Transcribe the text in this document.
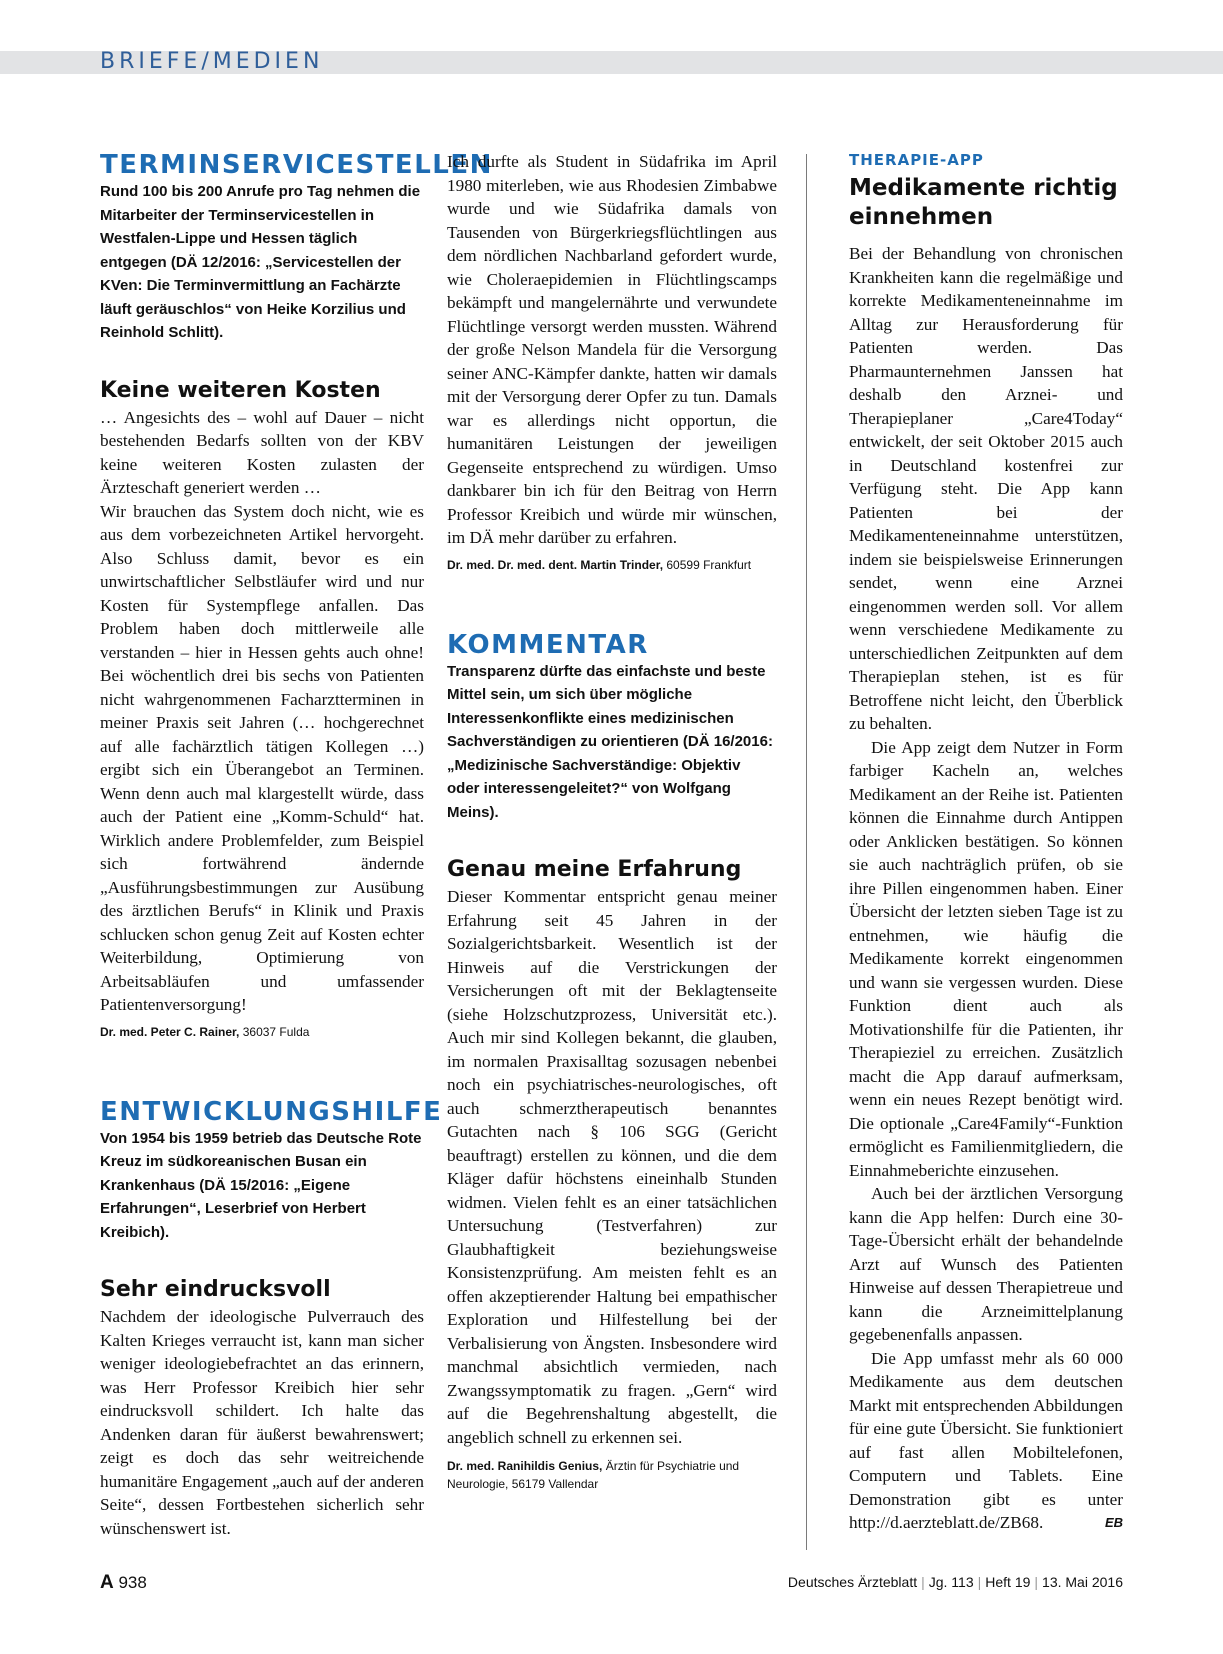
BRIEFE/MEDIEN
TERMINSERVICESTELLEN

Rund 100 bis 200 Anrufe pro Tag nehmen die Mitarbeiter der Terminservicestellen in Westfalen-Lippe und Hessen täglich entgegen (DÄ 12/2016: „Servicestellen der KVen: Die Terminvermittlung an Fachärzte läuft geräuschlos“ von Heike Korzilius und Reinhold Schlitt).

Keine weiteren Kosten

… Angesichts des – wohl auf Dauer – nicht bestehenden Bedarfs sollten von der KBV keine weiteren Kosten zulasten der Ärzteschaft generiert werden …

Wir brauchen das System doch nicht, wie es aus dem vorbezeichneten Artikel hervorgeht. Also Schluss damit, bevor es ein unwirtschaftlicher Selbstläufer wird und nur Kosten für Systempflege anfallen. Das Problem haben doch mittlerweile alle verstanden – hier in Hessen gehts auch ohne! Bei wöchentlich drei bis sechs von Patienten nicht wahrgenommenen Facharztterminen in meiner Praxis seit Jahren (… hochgerechnet auf alle fachärztlich tätigen Kollegen …) ergibt sich ein Überangebot an Terminen. Wenn denn auch mal klargestellt würde, dass auch der Patient eine „Komm-Schuld“ hat. Wirklich andere Problemfelder, zum Beispiel sich fortwährend ändernde „Ausführungsbestimmungen zur Ausübung des ärztlichen Berufs“ in Klinik und Praxis schlucken schon genug Zeit auf Kosten echter Weiterbildung, Optimierung von Arbeitsabläufen und umfassender Patientenversorgung!

Dr. med. Peter C. Rainer, 36037 Fulda

ENTWICKLUNGSHILFE

Von 1954 bis 1959 betrieb das Deutsche Rote Kreuz im südkoreanischen Busan ein Krankenhaus (DÄ 15/2016: „Eigene Erfahrungen“, Leserbrief von Herbert Kreibich).

Sehr eindrucksvoll

Nachdem der ideologische Pulverrauch des Kalten Krieges verraucht ist, kann man sicher weniger ideologiebefrachtet an das erinnern, was Herr Professor Kreibich hier sehr eindrucksvoll schildert. Ich halte das Andenken daran für äußerst bewahrenswert; zeigt es doch das sehr weitreichende humanitäre Engagement „auch auf der anderen Seite“, dessen Fortbestehen sicherlich sehr wünschenswert ist.

Ich durfte als Student in Südafrika im April 1980 miterleben, wie aus Rhodesien Zimbabwe wurde und wie Südafrika damals von Tausenden von Bürgerkriegsflüchtlingen aus dem nördlichen Nachbarland gefordert wurde, wie Choleraepidemien in Flüchtlingscamps bekämpft und mangelernährte und verwundete Flüchtlinge versorgt werden mussten. Während der große Nelson Mandela für die Versorgung seiner ANC-Kämpfer dankte, hatten wir damals mit der Versorgung derer Opfer zu tun. Damals war es allerdings nicht opportun, die humanitären Leistungen der jeweiligen Gegenseite entsprechend zu würdigen. Umso dankbarer bin ich für den Beitrag von Herrn Professor Kreibich und würde mir wünschen, im DÄ mehr darüber zu erfahren.

Dr. med. Dr. med. dent. Martin Trinder, 60599 Frankfurt

KOMMENTAR

Transparenz dürfte das einfachste und beste Mittel sein, um sich über mögliche Interessenkonflikte eines medizinischen Sachverständigen zu orientieren (DÄ 16/2016: „Medizinische Sachverständige: Objektiv oder interessengeleitet?“ von Wolfgang Meins).

Genau meine Erfahrung

Dieser Kommentar entspricht genau meiner Erfahrung seit 45 Jahren in der Sozialgerichtsbarkeit. Wesentlich ist der Hinweis auf die Verstrickungen der Versicherungen oft mit der Beklagtenseite (siehe Holzschutzprozess, Universität etc.). Auch mir sind Kollegen bekannt, die glauben, im normalen Praxisalltag sozusagen nebenbei noch ein psychiatrisches-neurologisches, oft auch schmerztherapeutisch benanntes Gutachten nach § 106 SGG (Gericht beauftragt) erstellen zu können, und die dem Kläger dafür höchstens eineinhalb Stunden widmen. Vielen fehlt es an einer tatsächlichen Untersuchung (Testverfahren) zur Glaubhaftigkeit beziehungsweise Konsistenzprüfung. Am meisten fehlt es an offen akzeptierender Haltung bei empathischer Exploration und Hilfestellung bei der Verbalisierung von Ängsten. Insbesondere wird manchmal absichtlich vermieden, nach Zwangssymptomatik zu fragen. „Gern“ wird auf die Begehrenshaltung abgestellt, die angeblich schnell zu erkennen sei.

Dr. med. Ranihildis Genius, Ärztin für Psychiatrie und Neurologie, 56179 Vallendar

THERAPIE-APP

Medikamente richtig einnehmen

Bei der Behandlung von chronischen Krankheiten kann die regelmäßige und korrekte Medikamenteneinnahme im Alltag zur Herausforderung für Patienten werden. Das Pharmaunternehmen Janssen hat deshalb den Arznei- und Therapieplaner „Care4Today“ entwickelt, der seit Oktober 2015 auch in Deutschland kostenfrei zur Verfügung steht. Die App kann Patienten bei der Medikamenteneinnahme unterstützen, indem sie beispielsweise Erinnerungen sendet, wenn eine Arznei eingenommen werden soll. Vor allem wenn verschiedene Medikamente zu unterschiedlichen Zeitpunkten auf dem Therapieplan stehen, ist es für Betroffene nicht leicht, den Überblick zu behalten.

Die App zeigt dem Nutzer in Form farbiger Kacheln an, welches Medikament an der Reihe ist. Patienten können die Einnahme durch Antippen oder Anklicken bestätigen. So können sie auch nachträglich prüfen, ob sie ihre Pillen eingenommen haben. Einer Übersicht der letzten sieben Tage ist zu entnehmen, wie häufig die Medikamente korrekt eingenommen und wann sie vergessen wurden. Diese Funktion dient auch als Motivationshilfe für die Patienten, ihr Therapieziel zu erreichen. Zusätzlich macht die App darauf aufmerksam, wenn ein neues Rezept benötigt wird. Die optionale „Care4Family“-Funktion ermöglicht es Familienmitgliedern, die Einnahmeberichte einzusehen.

Auch bei der ärztlichen Versorgung kann die App helfen: Durch eine 30-Tage-Übersicht erhält der behandelnde Arzt auf Wunsch des Patienten Hinweise auf dessen Therapietreue und kann die Arzneimittelplanung gegebenenfalls anpassen.

Die App umfasst mehr als 60 000 Medikamente aus dem deutschen Markt mit entsprechenden Abbildungen für eine gute Übersicht. Sie funktioniert auf fast allen Mobiltelefonen, Computern und Tablets. Eine Demonstration gibt es unter http://d.aerzteblatt.de/ZB68.	EB

A 938	Deutsches Ärzteblatt | Jg. 113 | Heft 19 | 13. Mai 2016
